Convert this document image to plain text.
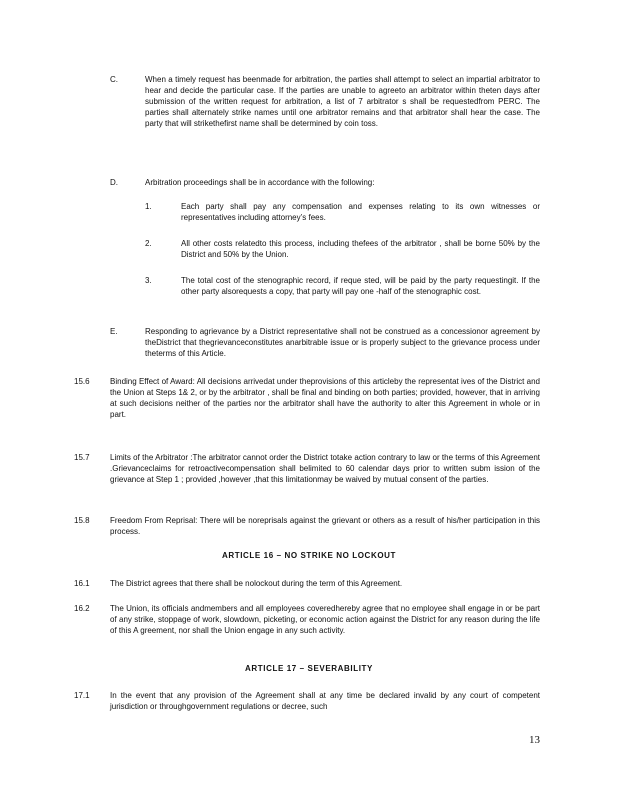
C.	When a timely request has beenmade for arbitration, the parties shall attempt to select an impartial arbitrator to hear and decide the particular case. If the parties are unable to agreeto an arbitrator within theten days after submission of the written request for arbitration, a list of 7 arbitrator s shall be requestedfrom PERC. The parties shall alternately strike names until one arbitrator remains and that arbitrator shall hear the case. The party that will strikethefirst name shall be determined by coin toss.
D.	Arbitration proceedings shall be in accordance with the following:
1.	Each party shall pay any compensation and expenses relating to its own witnesses or representatives including attorney’s fees.
2.	All other costs relatedto this process, including thefees of the arbitrator , shall be borne 50% by the District and 50% by the Union.
3.	The total cost of the stenographic record, if reque sted, will be paid by the party requestingit. If the other party alsorequests a copy, that party will pay one -half of the stenographic cost.
E.	Responding to agrievance by a District representative shall not be construed as a concessionor agreement by theDistrict that thegrievanceconstitutes anarbitrable issue or is properly subject to the grievance process under theterms of this Article.
15.6	Binding Effect of Award: All decisions arrivedat under theprovisions of this articleby the representat ives of the District and the Union at Steps 1& 2, or by the arbitrator , shall be final and binding on both parties; provided, however, that in arriving at such decisions neither of the parties nor the arbitrator shall have the authority to alter this Agreement in whole or in part.
15.7	Limits of the Arbitrator :The arbitrator cannot order the District totake action contrary to law or the terms of this Agreement .Grievanceclaims for retroactivecompensation shall belimited to 60 calendar days prior to written subm ission of the grievance at Step 1 ; provided ,however ,that this limitationmay be waived by mutual consent of the parties.
15.8	Freedom From Reprisal: There will be noreprisals against the grievant or others as a result of his/her participation in this process.
ARTICLE 16 – NO STRIKE NO LOCKOUT
16.1	The District agrees that there shall be nolockout during the term of this Agreement.
16.2	The Union, its officials andmembers and all employees coveredhereby agree that no employee shall engage in or be part of any strike, stoppage of work, slowdown, picketing, or economic action against the District for any reason during the life of this A greement, nor shall the Union engage in any such activity.
ARTICLE 17 – SEVERABILITY
17.1	In the event that any provision of the Agreement shall at any time be declared invalid by any court of competent jurisdiction or throughgovernment regulations or decree, such
13
